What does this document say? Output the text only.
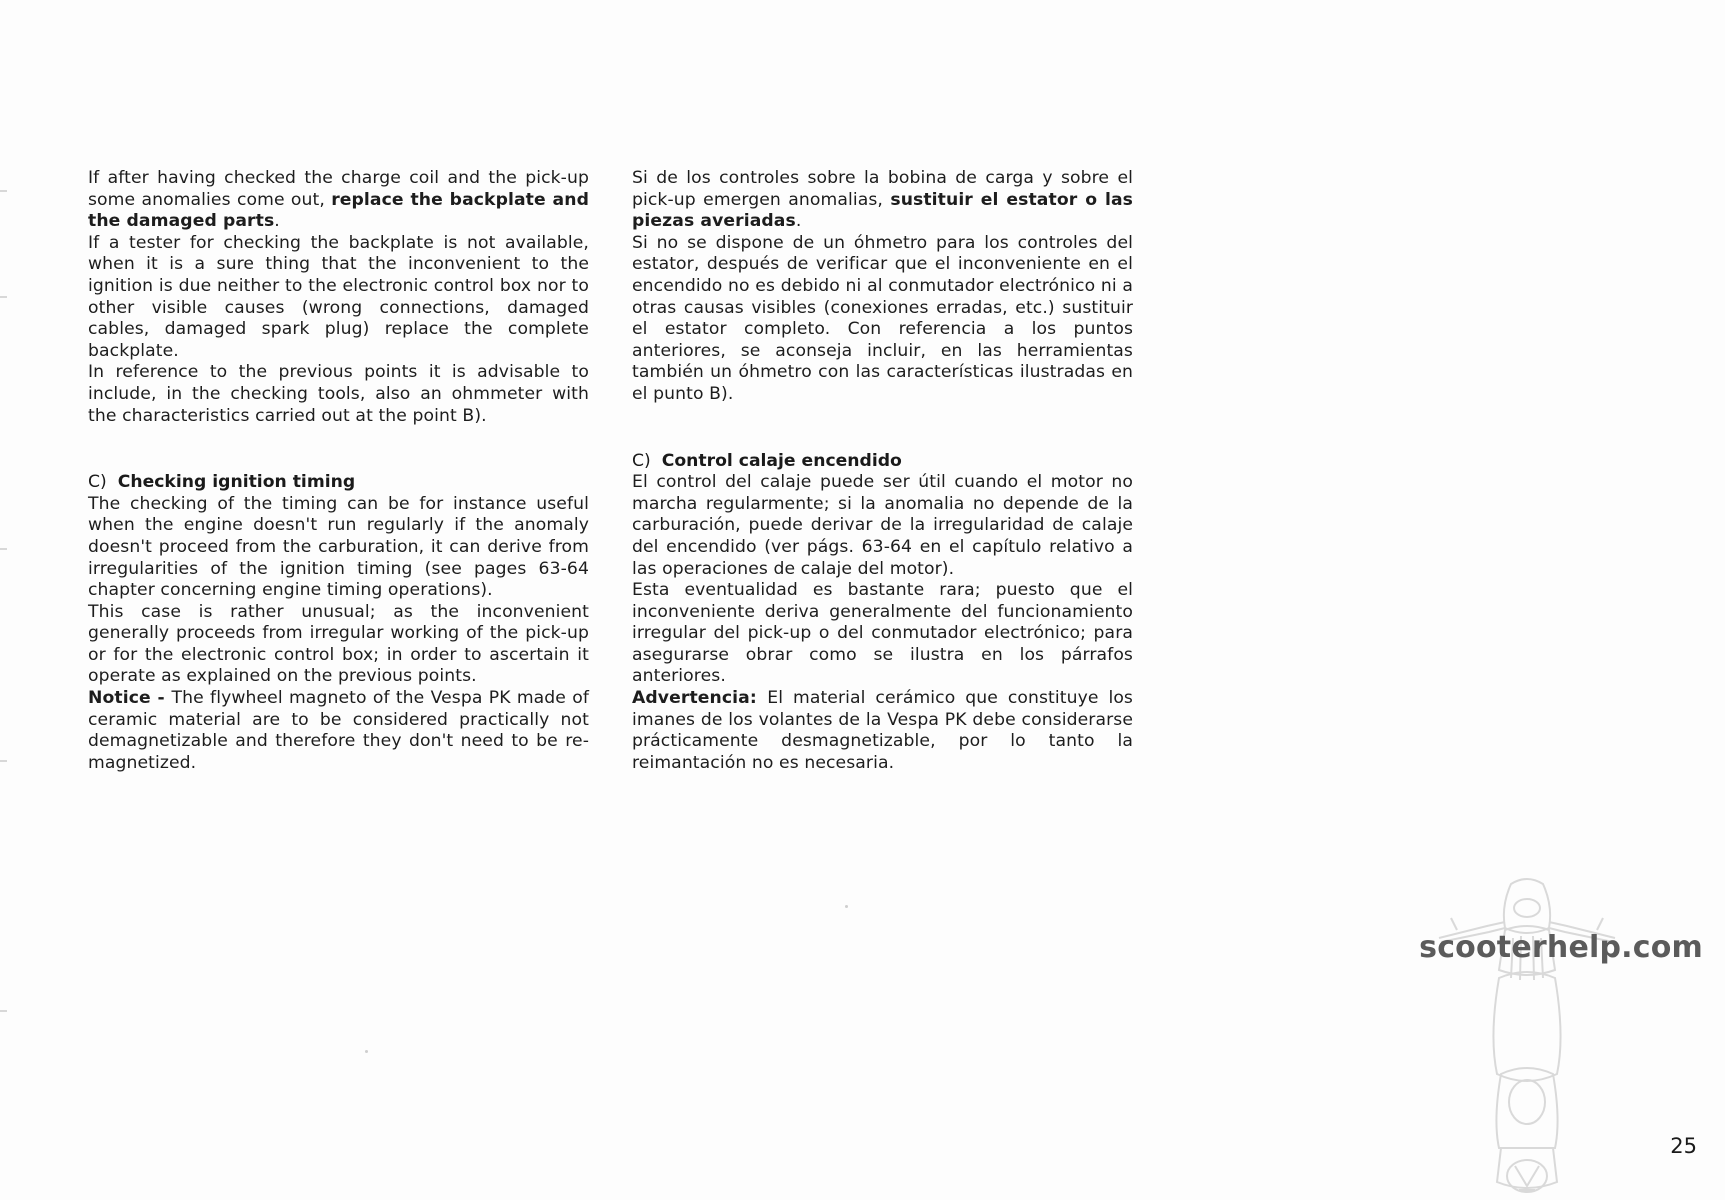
If after having checked the charge coil and the pick-up some anomalies come out, replace the backplate and the damaged parts.

If a tester for checking the backplate is not available, when it is a sure thing that the inconvenient to the ignition is due neither to the electronic control box nor to other visible causes (wrong connections, damaged cables, damaged spark plug) replace the complete backplate.

In reference to the previous points it is advisable to include, in the checking tools, also an ohmmeter with the characteristics carried out at the point B).

C) Checking ignition timing

The checking of the timing can be for instance useful when the engine doesn't run regularly if the anomaly doesn't proceed from the carburation, it can derive from irregularities of the ignition timing (see pages 63-64 chapter concerning engine timing operations).

This case is rather unusual; as the inconvenient generally proceeds from irregular working of the pick-up or for the electronic control box; in order to ascertain it operate as explained on the previous points.

Notice - The flywheel magneto of the Vespa PK made of ceramic material are to be considered practically not demagnetizable and therefore they don't need to be re-magnetized.

Si de los controles sobre la bobina de carga y sobre el pick-up emergen anomalias, sustituir el estator o las piezas averiadas.

Si no se dispone de un óhmetro para los controles del estator, después de verificar que el inconveniente en el encendido no es debido ni al conmutador electrónico ni a otras causas visibles (conexiones erradas, etc.) sustituir el estator completo. Con referencia a los puntos anteriores, se aconseja incluir, en las herramientas también un óhmetro con las características ilustradas en el punto B).

C) Control calaje encendido

El control del calaje puede ser útil cuando el motor no marcha regularmente; si la anomalia no depende de la carburación, puede derivar de la irregularidad de calaje del encendido (ver págs. 63-64 en el capítulo relativo a las operaciones de calaje del motor).

Esta eventualidad es bastante rara; puesto que el inconveniente deriva generalmente del funcionamiento irregular del pick-up o del conmutador electrónico; para asegurarse obrar como se ilustra en los párrafos anteriores.

Advertencia: El material cerámico que constituye los imanes de los volantes de la Vespa PK debe considerarse prácticamente desmagnetizable, por lo tanto la reimantación no es necesaria.

scooterhelp.com
25
